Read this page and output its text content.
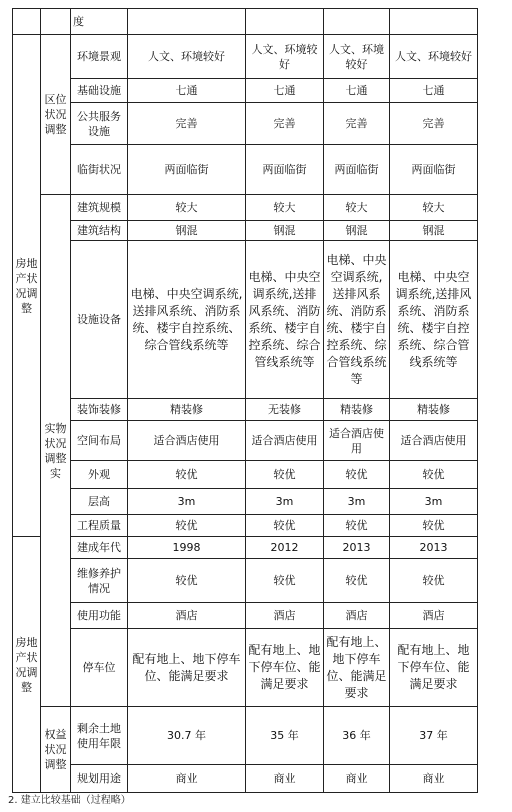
		度				
房地产状况调整	区位状况调整	环境景观	人文、环境较好	人文、环境较好	人文、环境较好	人文、环境较好
		基础设施	七通	七通	七通	七通
		公共服务设施	完善	完善	完善	完善
		临街状况	两面临街	两面临街	两面临街	两面临街
	实物状况调整实	建筑规模	较大	较大	较大	较大
		建筑结构	钢混	钢混	钢混	钢混
		设施设备	电梯、中央空调系统,送排风系统、消防系统、楼宇自控系统、综合管线系统等	电梯、中央空调系统,送排风系统、消防系统、楼宇自控系统、综合管线系统等	电梯、中央空调系统,送排风系统、消防系统、楼宇自控系统、综合管线系统等	电梯、中央空调系统,送排风系统、消防系统、楼宇自控系统、综合管线系统等
		装饰装修	精装修	无装修	精装修	精装修
		空间布局	适合酒店使用	适合酒店使用	适合酒店使用	适合酒店使用
		外观	较优	较优	较优	较优
		层高	3m	3m	3m	3m
		工程质量	较优	较优	较优	较优
房地产状况调整		建成年代	1998	2012	2013	2013
		维修养护情况	较优	较优	较优	较优
		使用功能	酒店	酒店	酒店	酒店
		停车位	配有地上、地下停车位、能满足要求	配有地上、地下停车位、能满足要求	配有地上、地下停车位、能满足要求	配有地上、地下停车位、能满足要求
	权益状况调整	剩余土地使用年限	30.7 年	35 年	36 年	37 年
		规划用途	商业	商业	商业	商业
2. 建立比较基础（过程略）
